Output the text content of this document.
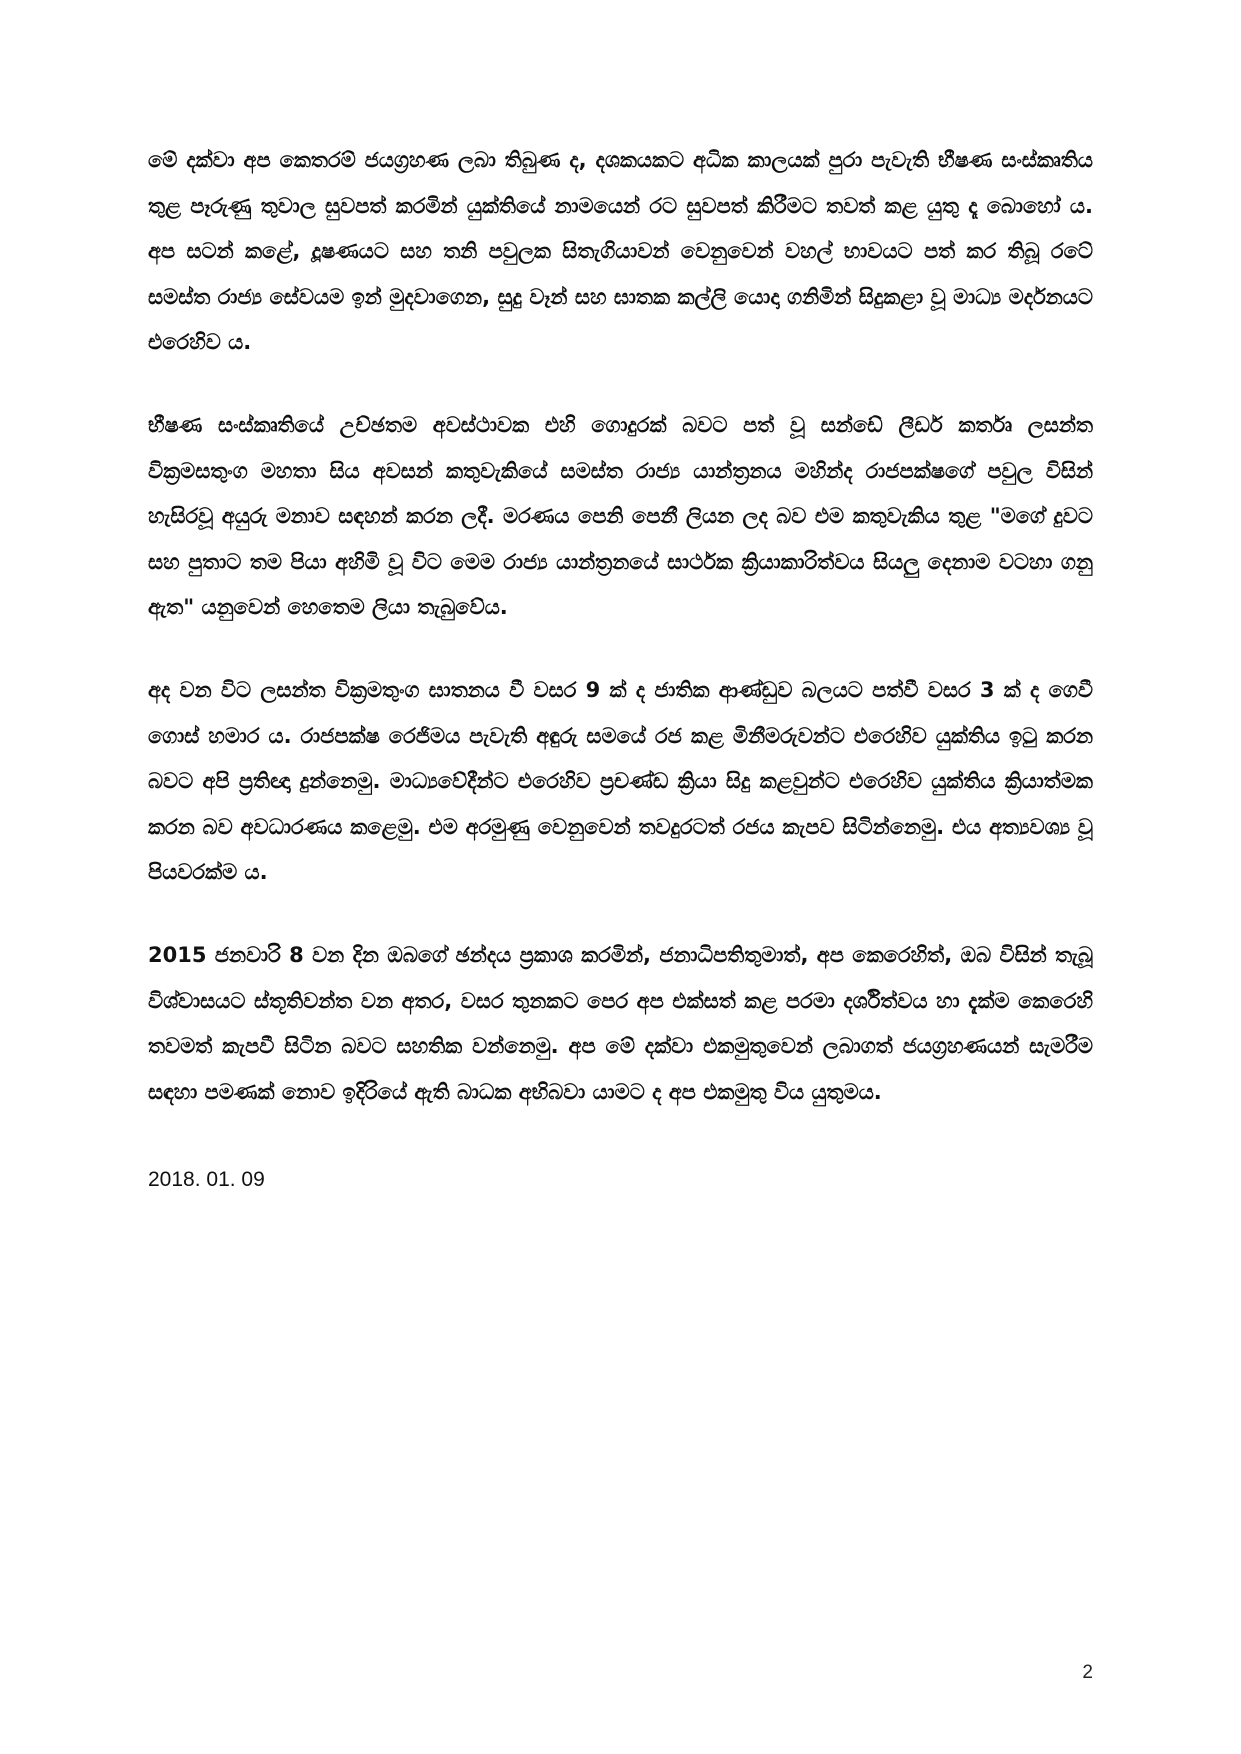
මේ දක්වා අප කෙතරම් ජයග්‍රහණ ලබා තිබුණ ද, දශකයකට අධික කාලයක් පුරා පැවැති භීෂණ සංස්කෘතිය තුළ පෑරුණු තුවාල සුවපත් කරමින් යුක්තියේ නාමයෙන් රට සුවපත් කිරීමට තවත් කළ යුතු දෑ බොහෝ ය. අප සටන් කළේ, දූෂණයට සහ තනි පවුලක සිතැගියාවන් වෙනුවෙන් වහල් භාවයට පත් කර තිබූ රටේ සමස්ත රාජ්‍ය සේවයම ඉන් මුදවාගෙන, සුදු වෑන් සහ ඝාතක කල්ලි යොදා ගනිමින් සිදුකළා වූ මාධ්‍ය මර්දනයට එරෙහිව ය.

භීෂණ සංස්කෘතියේ උච්ඡතම අවස්ථාවක එහි ගොදුරක් බවට පත් වූ සන්ඩේ ලීඩර් කර්තෘ ලසන්ත වික්‍රමසතුංග මහතා සිය අවසන් කතුවැකියේ සමස්ත රාජ්‍ය යාන්ත්‍රනය මහින්ද රාජපක්ෂගේ පවුල විසින් හැසිරවූ අයුරු මනාව සඳහන් කරන ලදී. මරණය පෙනි පෙනී ලියන ලද බව එම කතුවැකිය තුළ "මගේ දුවට සහ පුතාට තම පියා අහිමි වූ විට මෙම රාජ්‍ය යාන්ත්‍රනයේ සාර්ථක ක්‍රියාකාරිත්වය සියලු දෙනාම වටහා ගනු ඇත" යනුවෙන් හෙතෙම ලියා තැබුවේය.

අද වන විට ලසන්ත වික්‍රමතුංග ඝාතනය වී වසර 9 ක් ද ජාතික ආණ්ඩුව බලයට පත්වී වසර 3 ක් ද ගෙවී ගොස් හමාර ය. රාජපක්ෂ රෙජිමය පැවැති අඳුරු සමයේ රජ කළ මිනීමරුවන්ට එරෙහිව යුක්තිය ඉටු කරන බවට අපි ප්‍රතිඥා දුන්නෙමු. මාධ්‍යවේදීන්ට එරෙහිව ප්‍රචණ්ඩ ක්‍රියා සිදු කළවුන්ට එරෙහිව යුක්තිය ක්‍රියාත්මක කරන බව අවධාරණය කළෙමු. එම අරමුණු වෙනුවෙන් තවදුරටත් රජය කැපව සිටින්නෙමු. එය අත්‍යවශ්‍ය වූ පියවරක්ම ය.

2015 ජනවාරි 8 වන දින ඔබගේ ඡන්දය ප්‍රකාශ කරමින්, ජනාධිපතිතුමාත්, අප කෙරෙහිත්, ඔබ විසින් තැබූ විශ්වාසයට ස්තූතිවන්ත වන අතර, වසර තුනකට පෙර අප එක්සත් කළ පරමා දර්ශිත්වය හා දැක්ම කෙරෙහි තවමත් කැපවී සිටින බවට සහතික වන්නෙමු. අප මේ දක්වා එකමුතුවෙන් ලබාගත් ජයග්‍රහණයන් සැමරීම සඳහා පමණක් නොව ඉදිරියේ ඇති බාධක අභිබවා යාමට ද අප එකමුතු විය යුතුමය.

2018. 01. 09
2
